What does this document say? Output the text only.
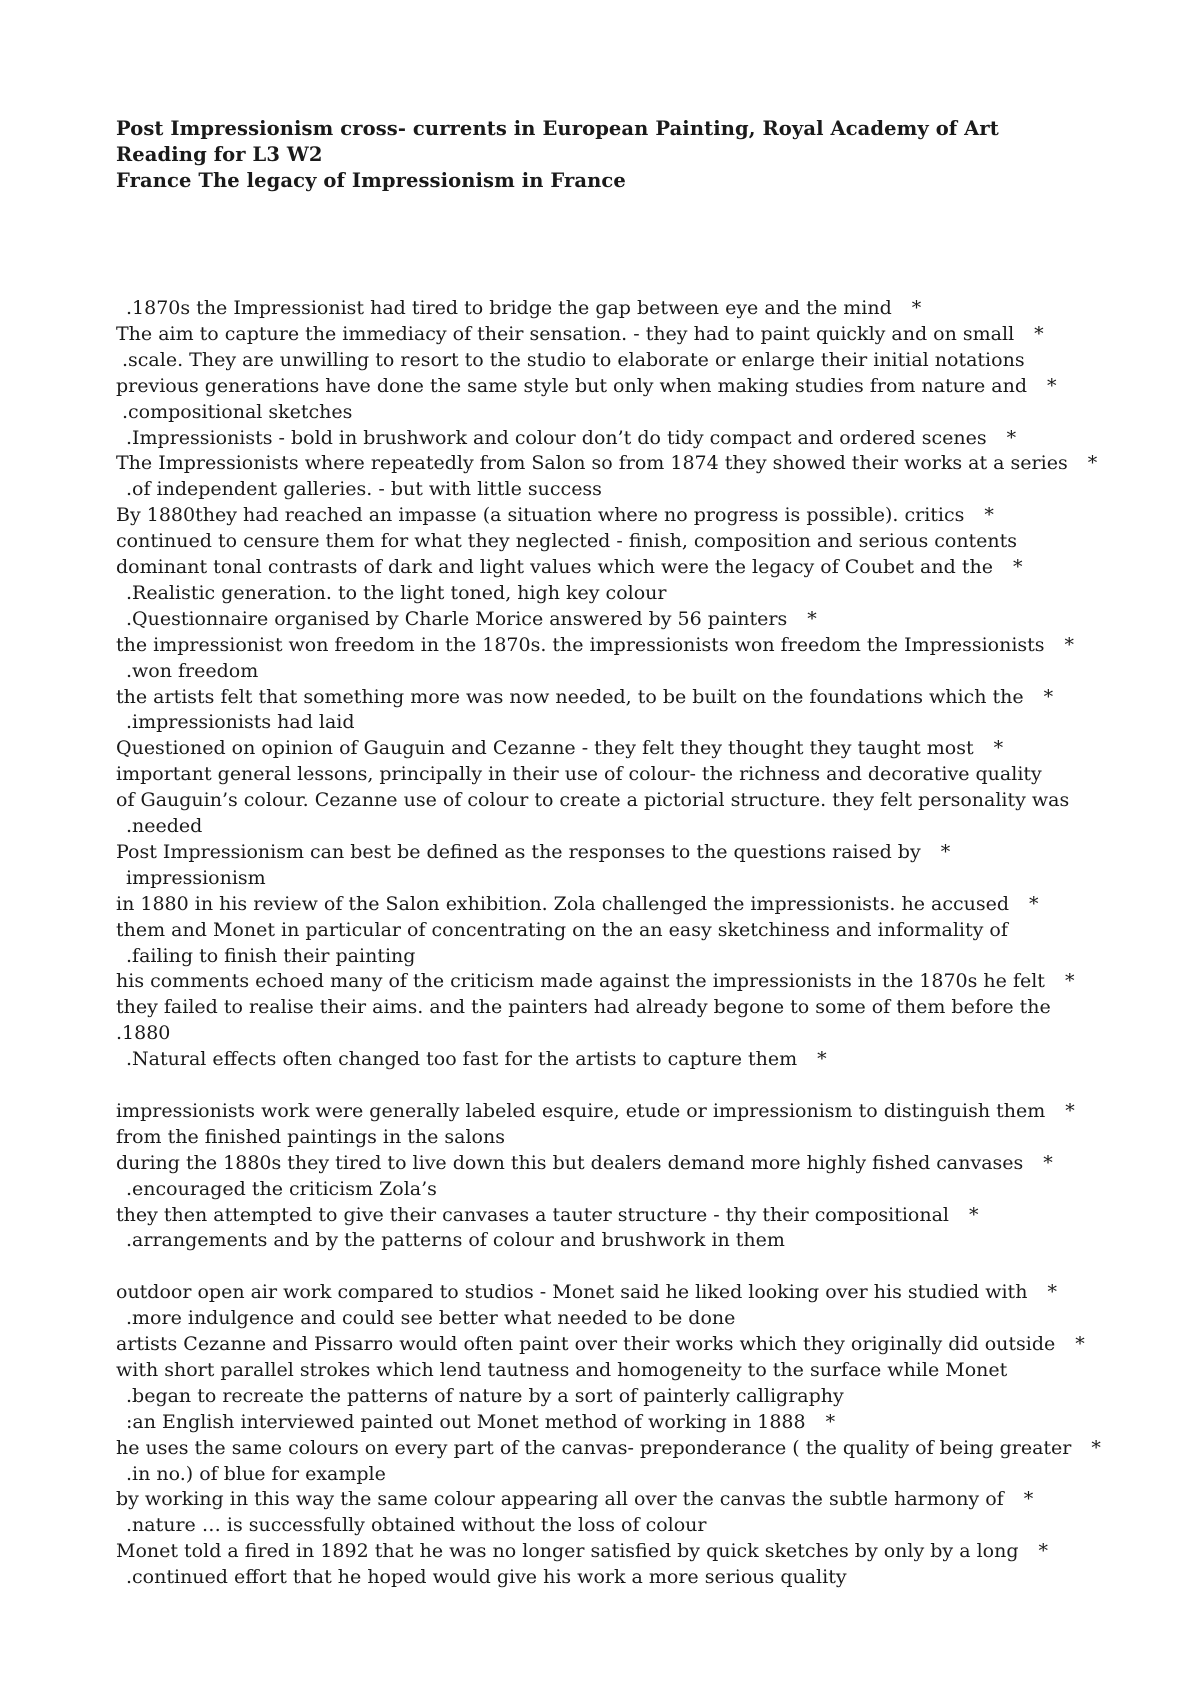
Post Impressionism cross- currents in European Painting, Royal Academy of Art
Reading for L3 W2
France The legacy of Impressionism in France
.1870s the Impressionist had tired to bridge the gap between eye and the mind *
The aim to capture the immediacy of their sensation. - they had to paint quickly and on small *
.scale. They are unwilling to resort to the studio to elaborate or enlarge their initial notations
previous generations have done the same style but only when making studies from nature and *
.compositional sketches
.Impressionists - bold in brushwork and colour don’t do tidy compact and ordered scenes *
The Impressionists where repeatedly from Salon so from 1874 they showed their works at a series *
.of independent galleries. - but with little success
By 1880they had reached an impasse (a situation where no progress is possible). critics *
continued to censure them for what they neglected - finish, composition and serious contents
dominant tonal contrasts of dark and light values which were the legacy of Coubet and the *
.Realistic generation. to the light toned, high key colour
.Questionnaire organised by Charle Morice answered by 56 painters *
the impressionist won freedom in the 1870s. the impressionists won freedom the Impressionists *
.won freedom
the artists felt that something more was now needed, to be built on the foundations which the *
.impressionists had laid
Questioned on opinion of Gauguin and Cezanne - they felt they thought they taught most *
important general lessons, principally in their use of colour- the richness and decorative quality
of Gauguin’s colour. Cezanne use of colour to create a pictorial structure. they felt personality was
.needed
Post Impressionism can best be defined as the responses to the questions raised by *
impressionism
in 1880 in his review of the Salon exhibition. Zola challenged the impressionists. he accused *
them and Monet in particular of concentrating on the an easy sketchiness and informality of
.failing to finish their painting
his comments echoed many of the criticism made against the impressionists in the 1870s he felt *
they failed to realise their aims. and the painters had already begone to some of them before the
.1880
.Natural effects often changed too fast for the artists to capture them *
impressionists work were generally labeled esquire, etude or impressionism to distinguish them *
from the finished paintings in the salons
during the 1880s they tired to live down this but dealers demand more highly fished canvases *
.encouraged the criticism Zola’s
they then attempted to give their canvases a tauter structure - thy their compositional *
.arrangements and by the patterns of colour and brushwork in them
outdoor open air work compared to studios - Monet said he liked looking over his studied with *
.more indulgence and could see better what needed to be done
artists Cezanne and Pissarro would often paint over their works which they originally did outside *
with short parallel strokes which lend tautness and homogeneity to the surface while Monet
.began to recreate the patterns of nature by a sort of painterly calligraphy
:an English interviewed painted out Monet method of working in 1888 *
he uses the same colours on every part of the canvas- preponderance ( the quality of being greater *
.in no.) of blue for example
by working in this way the same colour appearing all over the canvas the subtle harmony of *
.nature … is successfully obtained without the loss of colour
Monet told a fired in 1892 that he was no longer satisfied by quick sketches by only by a long *
.continued effort that he hoped would give his work a more serious quality
